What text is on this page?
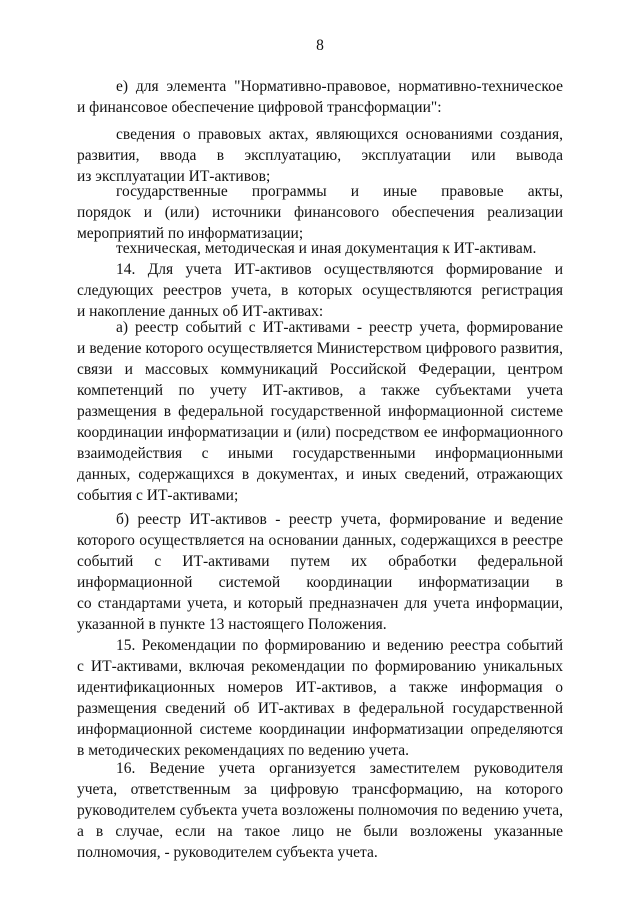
8
е) для элемента "Нормативно-правовое, нормативно-техническое
и финансовое обеспечение цифровой трансформации":
сведения о правовых актах, являющихся основаниями создания,
развития, ввода в эксплуатацию, эксплуатации или вывода
из эксплуатации ИТ-активов;
государственные программы и иные правовые акты,
порядок и (или) источники финансового обеспечения реализации
мероприятий по информатизации;
техническая, методическая и иная документация к ИТ-активам.
14. Для учета ИТ-активов осуществляются формирование и
следующих реестров учета, в которых осуществляются регистрация
и накопление данных об ИТ-активах:
а) реестр событий с ИТ-активами - реестр учета, формирование
и ведение которого осуществляется Министерством цифрового развития,
связи и массовых коммуникаций Российской Федерации, центром
компетенций по учету ИТ-активов, а также субъектами учета
размещения в федеральной государственной информационной системе
координации информатизации и (или) посредством ее информационного
взаимодействия с иными государственными информационными
данных, содержащихся в документах, и иных сведений, отражающих
события с ИТ-активами;
б) реестр ИТ-активов - реестр учета, формирование и ведение
которого осуществляется на основании данных, содержащихся в реестре
событий с ИТ-активами путем их обработки федеральной
информационной системой координации информатизации в
со стандартами учета, и который предназначен для учета информации,
указанной в пункте 13 настоящего Положения.
15. Рекомендации по формированию и ведению реестра событий
с ИТ-активами, включая рекомендации по формированию уникальных
идентификационных номеров ИТ-активов, а также информация о
размещения сведений об ИТ-активах в федеральной государственной
информационной системе координации информатизации определяются
в методических рекомендациях по ведению учета.
16. Ведение учета организуется заместителем руководителя
учета, ответственным за цифровую трансформацию, на которого
руководителем субъекта учета возложены полномочия по ведению учета,
а в случае, если на такое лицо не были возложены указанные
полномочия, - руководителем субъекта учета.
